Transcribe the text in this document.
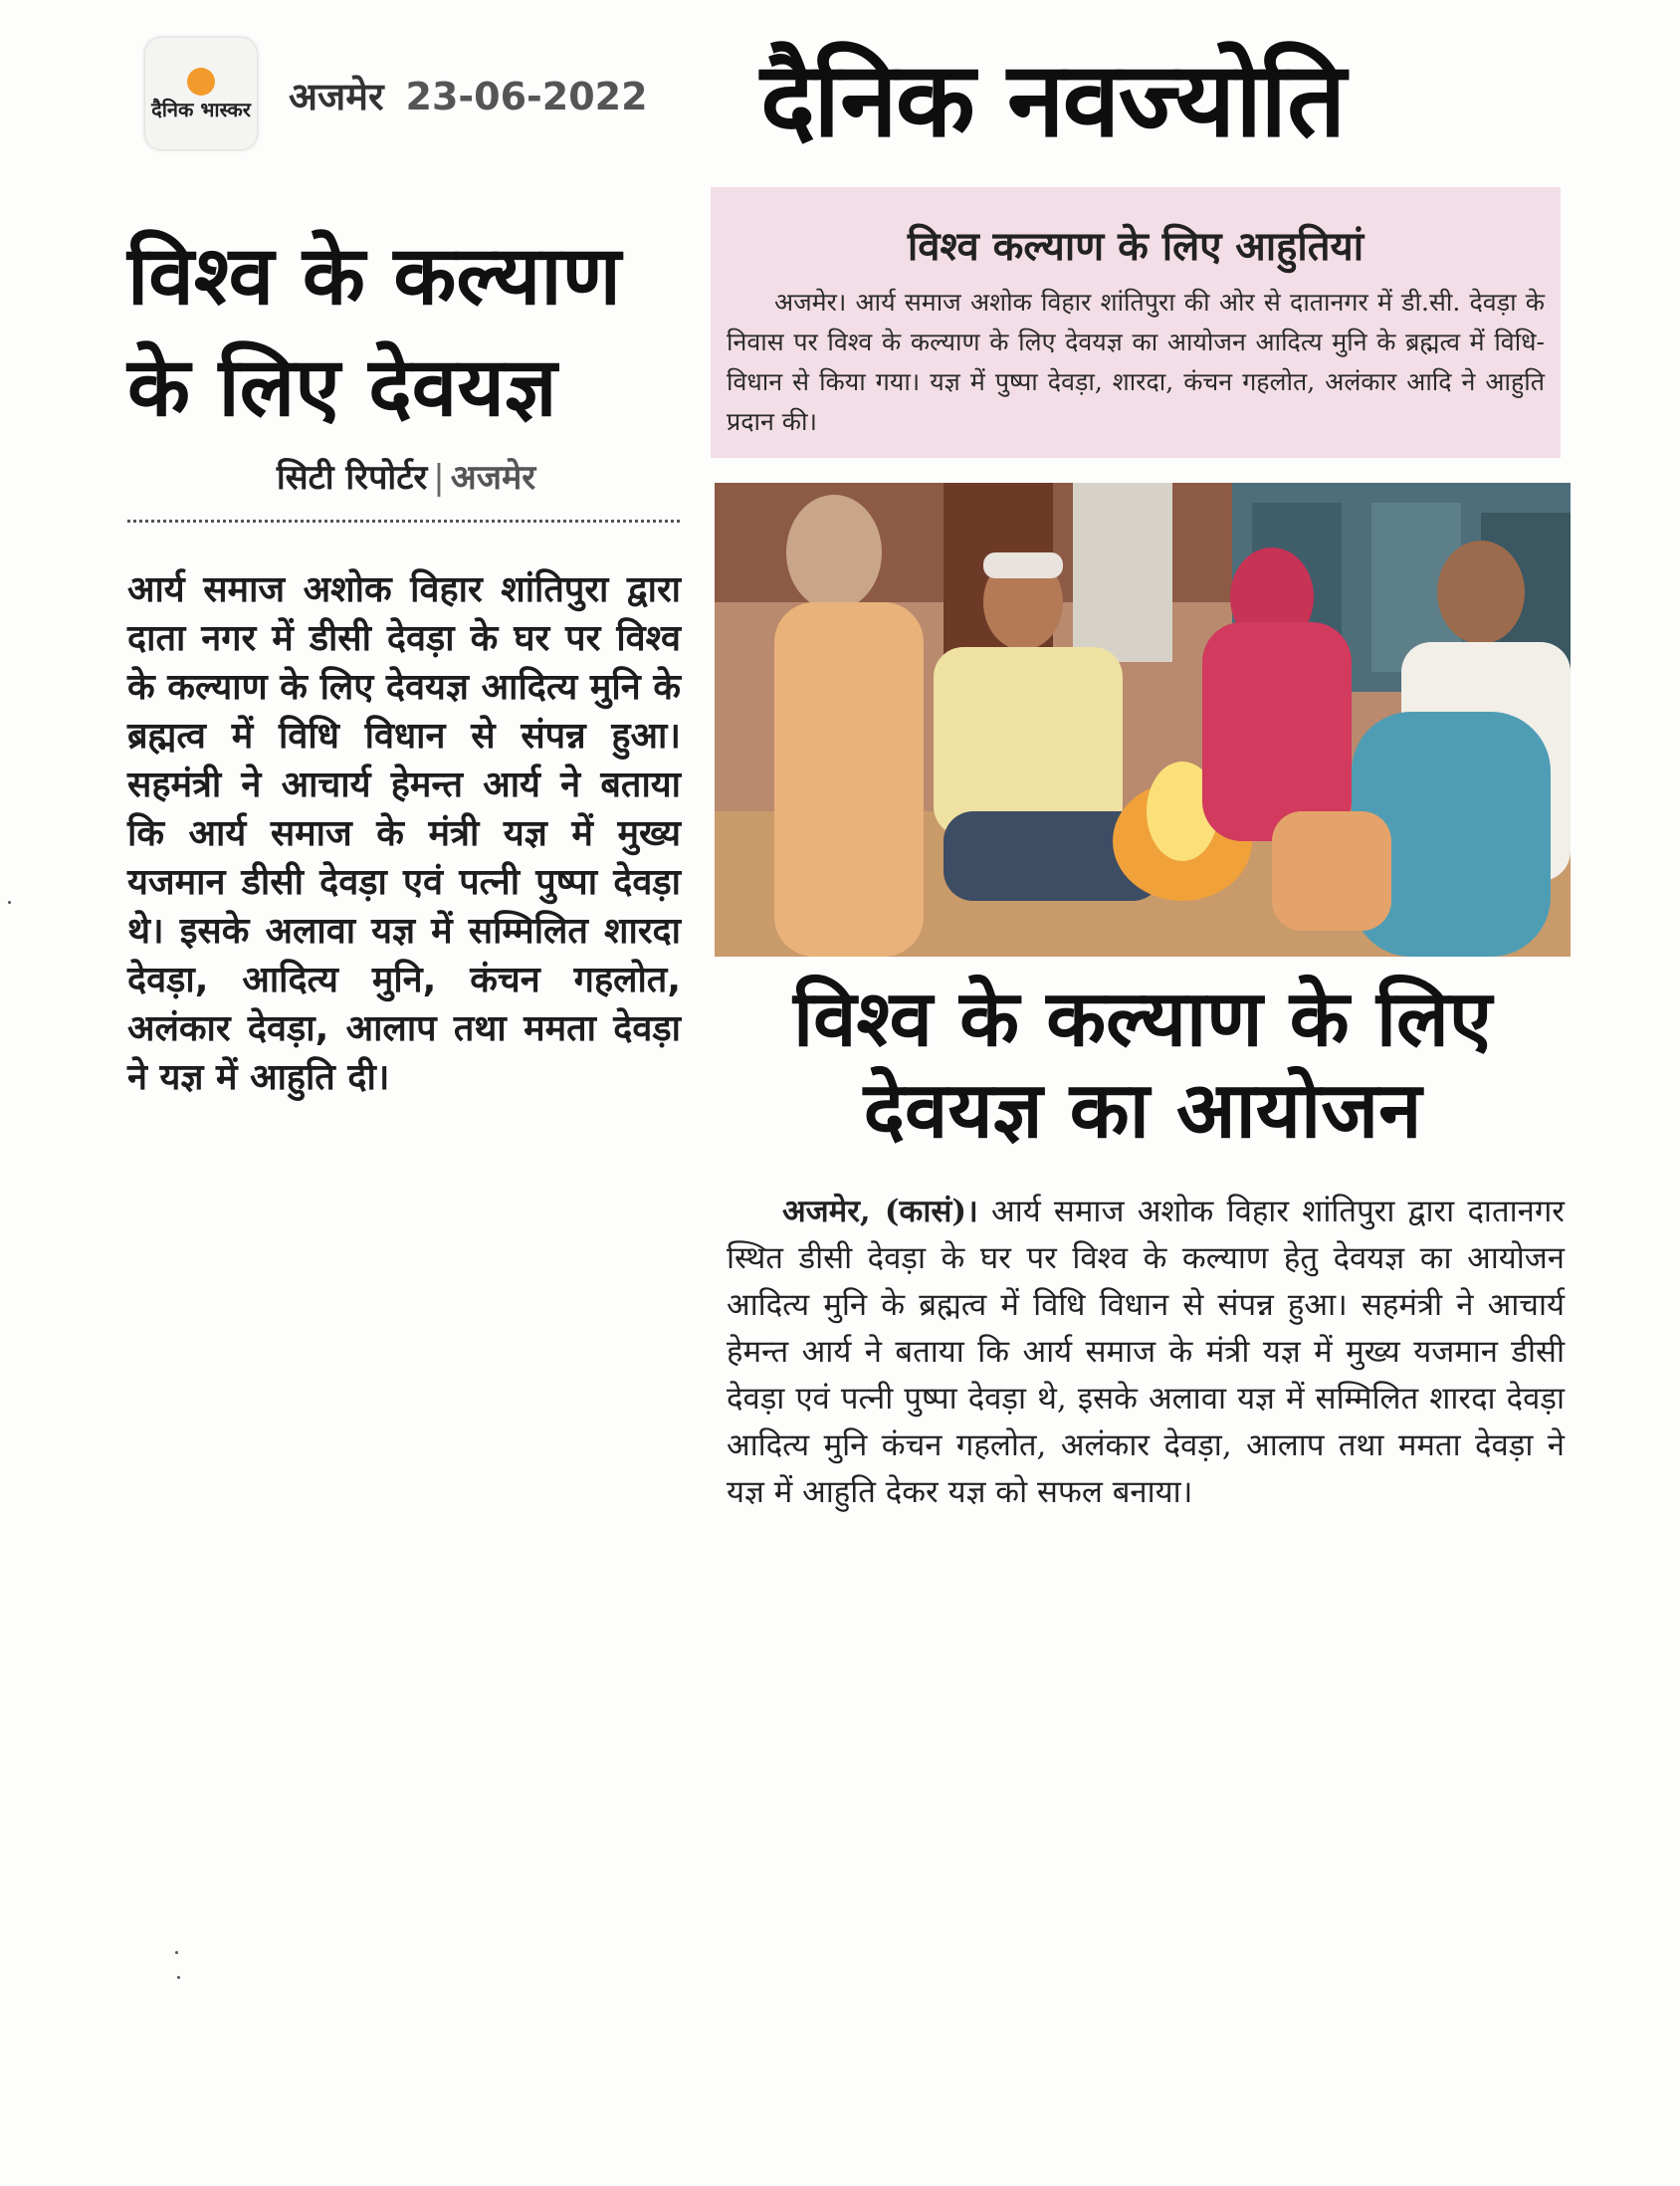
दैनिक भास्कर अजमेर 23-06-2022
विश्व के कल्याण के लिए देवयज्ञ
सिटी रिपोर्टर | अजमेर
आर्य समाज अशोक विहार शांतिपुरा द्वारा दाता नगर में डीसी देवड़ा के घर पर विश्व के कल्याण के लिए देवयज्ञ आदित्य मुनि के ब्रह्मत्व में विधि विधान से संपन्न हुआ। सहमंत्री ने आचार्य हेमन्त आर्य ने बताया कि आर्य समाज के मंत्री यज्ञ में मुख्य यजमान डीसी देवड़ा एवं पत्नी पुष्पा देवड़ा थे। इसके अलावा यज्ञ में सम्मिलित शारदा देवड़ा, आदित्य मुनि, कंचन गहलोत, अलंकार देवड़ा, आलाप तथा ममता देवड़ा ने यज्ञ में आहुति दी।
दैनिक नवज्योति
विश्व कल्याण के लिए आहुतियां
अजमेर। आर्य समाज अशोक विहार शांतिपुरा की ओर से दातानगर में डी.सी. देवड़ा के निवास पर विश्व के कल्याण के लिए देवयज्ञ का आयोजन आदित्य मुनि के ब्रह्मत्व में विधि-विधान से किया गया। यज्ञ में पुष्पा देवड़ा, शारदा, कंचन गहलोत, अलंकार आदि ने आहुति प्रदान की।
विश्व के कल्याण के लिए देवयज्ञ का आयोजन
अजमेर, (कासं)। आर्य समाज अशोक विहार शांतिपुरा द्वारा दातानगर स्थित डीसी देवड़ा के घर पर विश्व के कल्याण हेतु देवयज्ञ का आयोजन आदित्य मुनि के ब्रह्मत्व में विधि विधान से संपन्न हुआ। सहमंत्री ने आचार्य हेमन्त आर्य ने बताया कि आर्य समाज के मंत्री यज्ञ में मुख्य यजमान डीसी देवड़ा एवं पत्नी पुष्पा देवड़ा थे, इसके अलावा यज्ञ में सम्मिलित शारदा देवड़ा आदित्य मुनि कंचन गहलोत, अलंकार देवड़ा, आलाप तथा ममता देवड़ा ने यज्ञ में आहुति देकर यज्ञ को सफल बनाया।
